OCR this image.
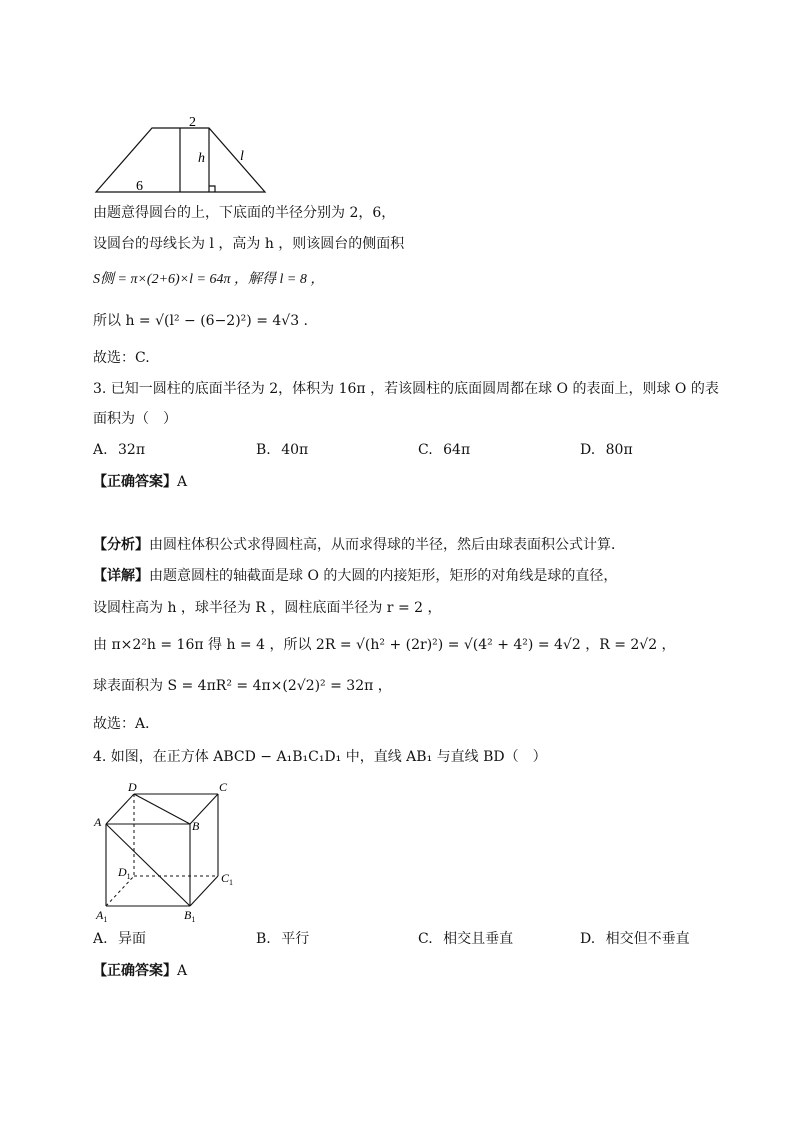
2
h	l
6
由题意得圆台的上，下底面的半径分别为 2，6，
设圆台的母线长为 l ，高为 h ，则该圆台的侧面积
S侧 = π×(2+6)×l = 64π ，解得 l = 8 ，
所以 h = √(l² − (6−2)²) = 4√3 .
故选：C.
3. 已知一圆柱的底面半径为 2，体积为 16π ，若该圆柱的底面圆周都在球 O 的表面上，则球 O 的表
面积为（　）
A. 32π	B. 40π	C. 64π	D. 80π
【正确答案】A
【分析】由圆柱体积公式求得圆柱高，从而求得球的半径，然后由球表面积公式计算．
【详解】由题意圆柱的轴截面是球 O 的大圆的内接矩形，矩形的对角线是球的直径，
设圆柱高为 h ，球半径为 R ，圆柱底面半径为 r = 2 ，
由 π×2²h = 16π 得 h = 4 ，所以 2R = √(h² + (2r)²) = √(4² + 4²) = 4√2 ，R = 2√2 ，
球表面积为 S = 4πR² = 4π×(2√2)² = 32π ，
故选：A．
4. 如图，在正方体 ABCD − A₁B₁C₁D₁ 中，直线 AB₁ 与直线 BD（　）
D	C
A	B
$D_1$	$C_1$
$A_1$	$B_1$
A. 异面	B. 平行	C. 相交且垂直	D. 相交但不垂直
【正确答案】A
